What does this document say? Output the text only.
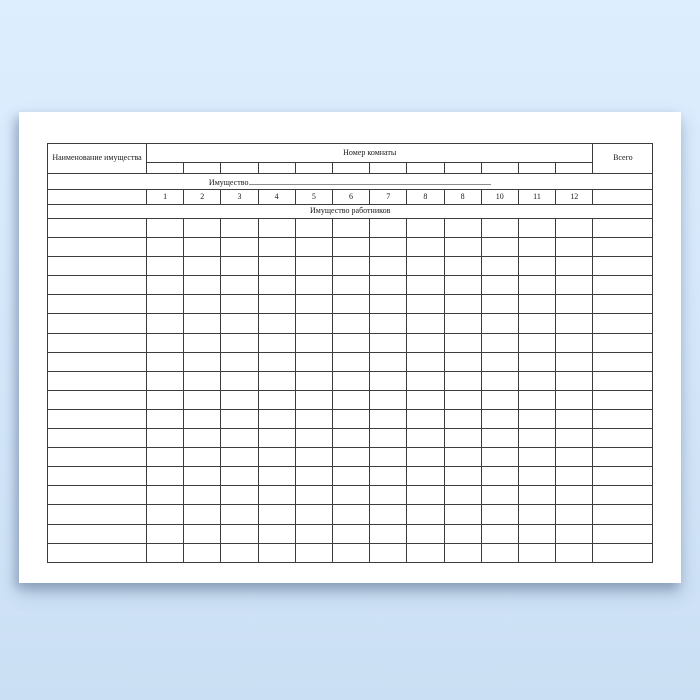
Наименование имущества	Номер комнаты												Всего

Имущество													
	1	2	3	4	5	6	7	8	8	10	11	12	
Имущество работников													
